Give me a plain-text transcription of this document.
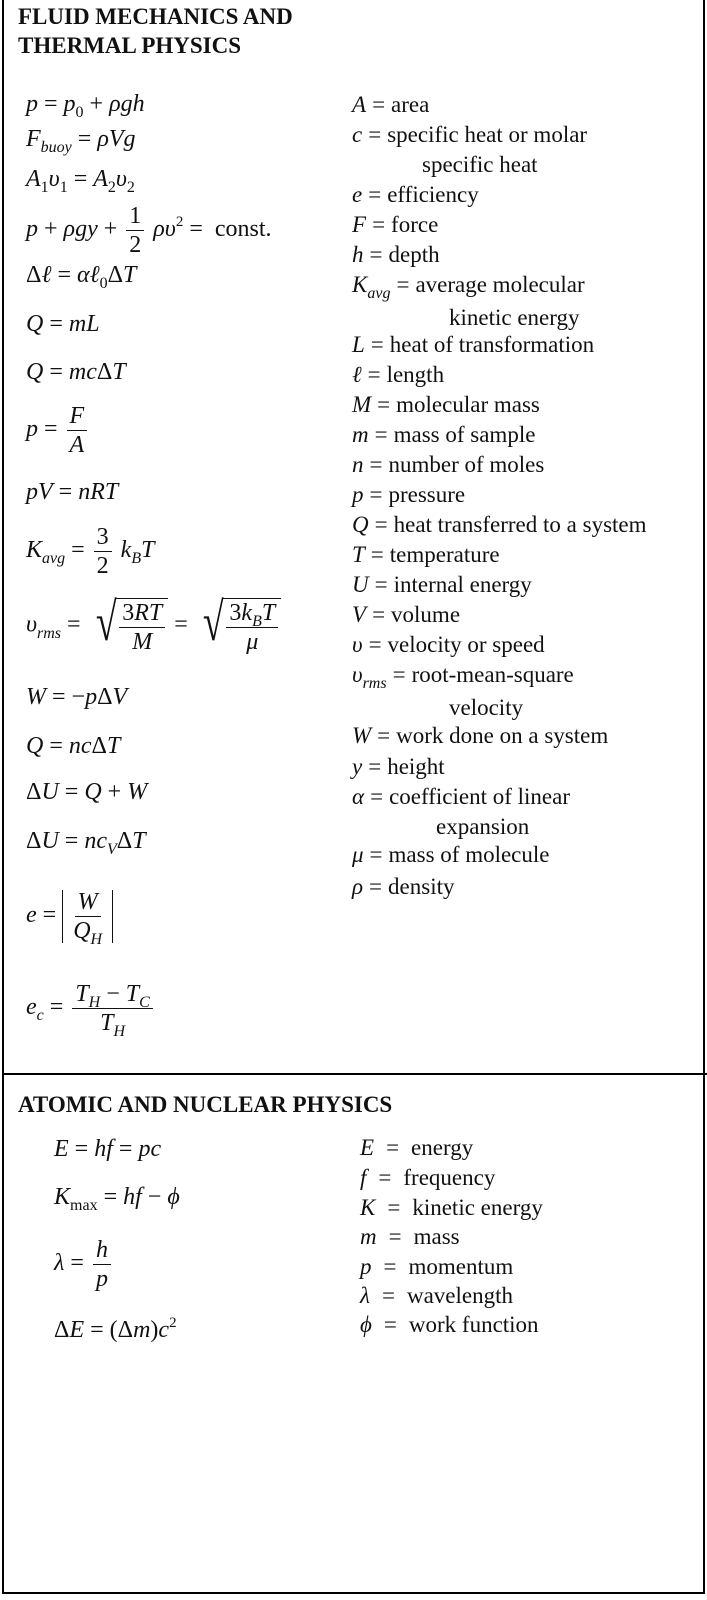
FLUID MECHANICS AND
THERMAL PHYSICS
$p = p_0 + \rho gh$
$F_{buoy} = \rho Vg$
$A_1\upsilon_1 = A_2\upsilon_2$
$p + \rho gy + \frac{1}{2} \rho\upsilon^2$ =  const.
Δℓ = αℓ$_0$ΔT
Q = mL
Q = mcΔT
$p = \frac{F}{A}$
pV = nRT
$K_{avg} = \frac{3}{2} k_BT$
$\upsilon_{rms}$ = √ $\frac{3RT}{M}$ = √ $\frac{3k_BT}{\mu}$
W = −pΔV
Q = ncΔT
ΔU = Q + W
$\Delta U = nc_V\Delta T$
$e = \frac{W}{Q_H}$
$e_c = \frac{T_H - T_C}{T_H}$
A = area
c = specific heat or molar
specific heat
e = efficiency
F = force
h = depth
$K_{avg}$ = average molecular
kinetic energy
L = heat of transformation
ℓ = length
M = molecular mass
m = mass of sample
n = number of moles
p = pressure
Q = heat transferred to a system
T = temperature
U = internal energy
V = volume
υ = velocity or speed
$\upsilon_{rms}$ = root-mean-square
velocity
W = work done on a system
y = height
α = coefficient of linear
expansion
μ = mass of molecule
ρ = density
ATOMIC AND NUCLEAR PHYSICS
E = hf = pc
$K_{max}$ = hf − ϕ
$\lambda = \frac{h}{p}$
$\Delta E = (\Delta m)c^2$
E = energy
f = frequency
K = kinetic energy
m = mass
p = momentum
λ = wavelength
ϕ = work function
